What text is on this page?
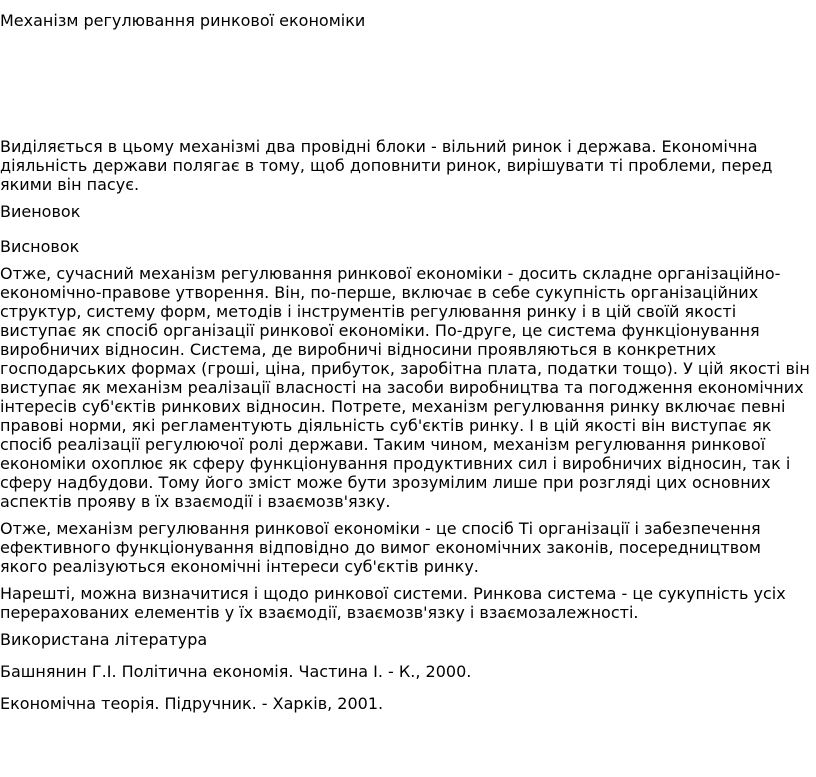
Механізм регулювання ринкової економіки

Виділяється в цьому механізмі два провідні блоки - вільний ринок і держава. Економічна діяльність держави полягає в тому, щоб доповнити ринок, вирішувати ті проблеми, перед якими він пасує.

Виеновок

Висновок

Отже, сучасний механізм регулювання ринкової економіки - досить складне організаційно-економічно-правове утворення. Він, по-перше, включає в себе сукупність організаційних структур, систему форм, методів і інструментів регулювання ринку і в цій своїй якості виступає як спосіб організації ринкової економіки. По-друге, це система функціонування виробничих відносин. Система, де виробничі відносини проявляються в конкретних господарських формах (гроші, ціна, прибуток, заробітна плата, податки тощо). У цій якості він виступає як механізм реалізації власності на засоби виробництва та погодження економічних інтересів суб'єктів ринкових відносин. Потрете, механізм регулювання ринку включає певні правові норми, які регламентують діяльність суб'єктів ринку. І в цій якості він виступає як спосіб реалізації регулюючої ролі держави. Таким чином, механізм регулювання ринкової економіки охоплює як сферу функціонування продуктивних сил і виробничих відносин, так і сферу надбудови. Тому його зміст може бути зрозумілим лише при розгляді цих основних аспектів прояву в їх взаємодії і взаємозв'язку.

Отже, механізм регулювання ринкової економіки - це спосіб Ті організації і забезпечення ефективного функціонування відповідно до вимог економічних законів, посередництвом якого реалізуються економічні інтереси суб'єктів ринку.

Нарешті, можна визначитися і щодо ринкової системи. Ринкова система - це сукупність усіх перерахованих елементів у їх взаємодії, взаємозв'язку і взаємозалежності.

Використана література

Башнянин Г.І. Політична економія. Частина І. - К., 2000.

Економічна теорія. Підручник. - Харків, 2001.
